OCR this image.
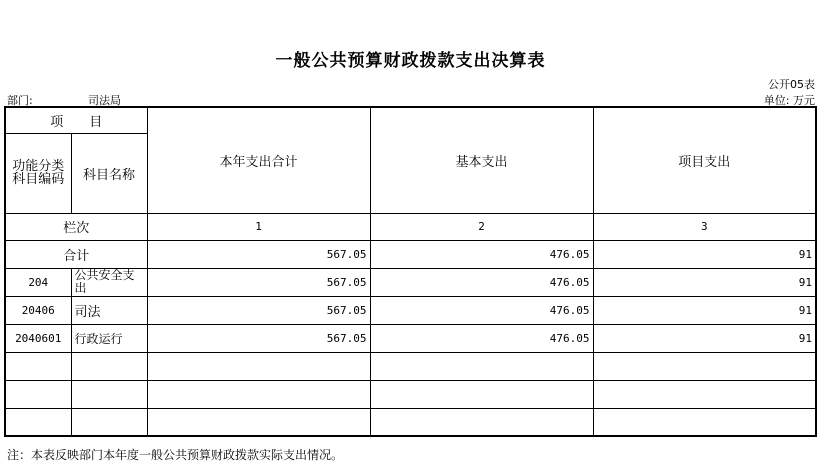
一般公共预算财政拨款支出决算表
公开05表
部门:	司法局	单位: 万元
项　　目		本年支出合计	基本支出	项目支出
功能分类科目编码	科目名称			
栏次		1	2	3
合计		567.05	476.05	91
204	公共安全支出	567.05	476.05	91
20406	司法	567.05	476.05	91
2040601	行政运行	567.05	476.05	91

注：本表反映部门本年度一般公共预算财政拨款实际支出情况。
